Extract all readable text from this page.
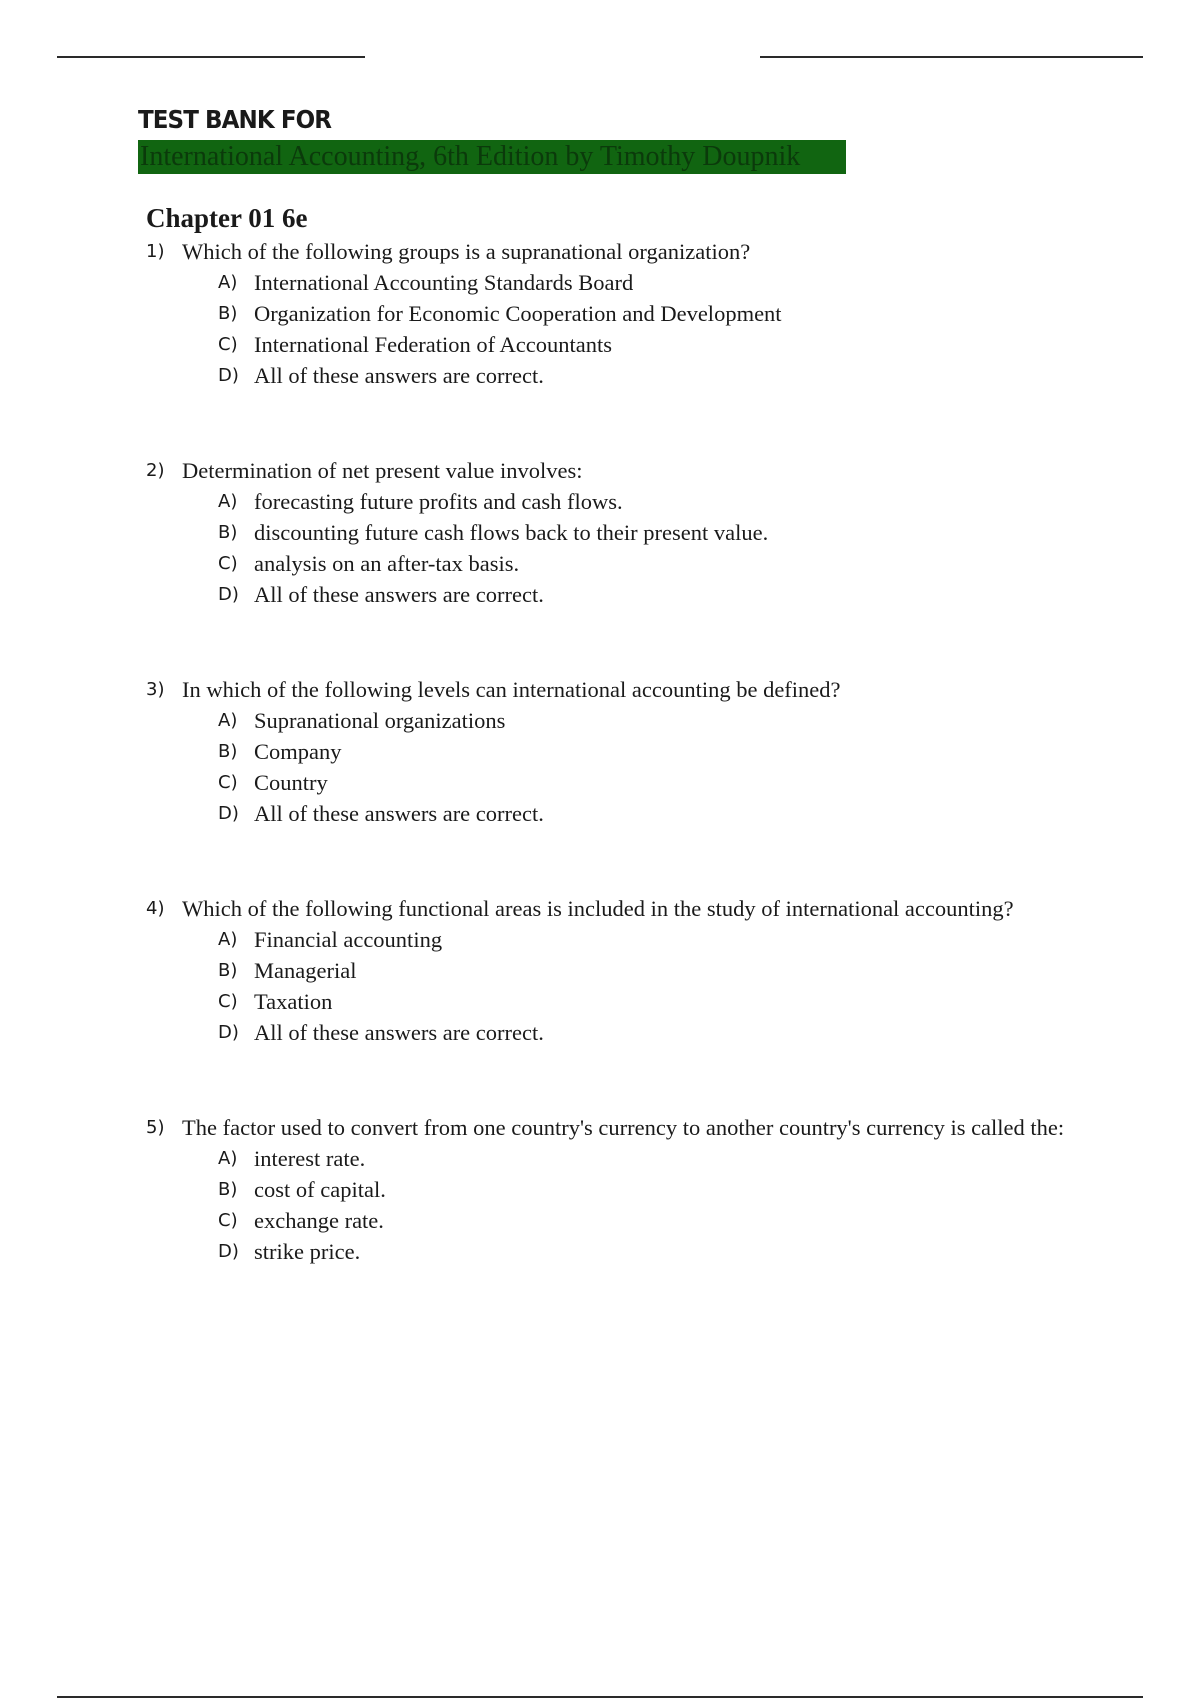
TEST BANK FOR
International Accounting, 6th Edition by Timothy Doupnik
Chapter 01 6e
1) Which of the following groups is a supranational organization?
A) International Accounting Standards Board
B) Organization for Economic Cooperation and Development
C) International Federation of Accountants
D) All of these answers are correct.
2) Determination of net present value involves:
A) forecasting future profits and cash flows.
B) discounting future cash flows back to their present value.
C) analysis on an after-tax basis.
D) All of these answers are correct.
3) In which of the following levels can international accounting be defined?
A) Supranational organizations
B) Company
C) Country
D) All of these answers are correct.
4) Which of the following functional areas is included in the study of international accounting?
A) Financial accounting
B) Managerial
C) Taxation
D) All of these answers are correct.
5) The factor used to convert from one country's currency to another country's currency is called the:
A) interest rate.
B) cost of capital.
C) exchange rate.
D) strike price.
